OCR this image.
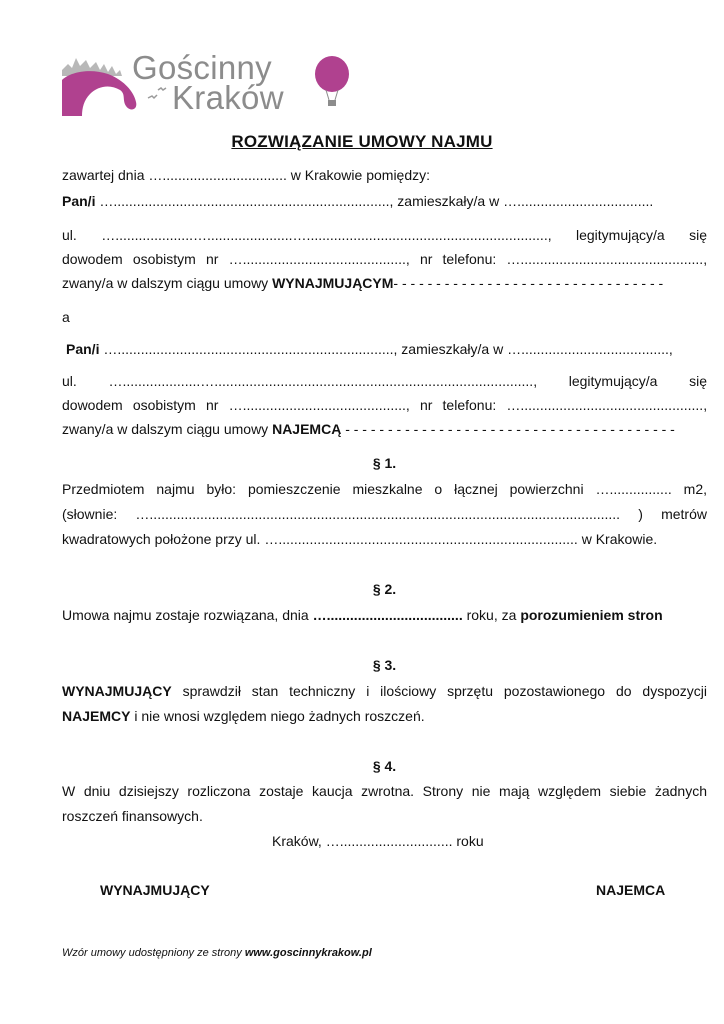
Gościnny
Kraków
ROZWIĄZANIE UMOWY NAJMU
zawartej dnia …................................ w Krakowie pomiędzy:
Pan/i …......................................................................., zamieszkały/a w …...................................
ul. …....................…......................….............................................................., legitymujący/a się
dowodem osobistym nr ….........................................., nr telefonu: …...............................................,
zwany/a w dalszym ciągu umowy WYNAJMUJĄCYM- - - - - - - - - - - - - - - - - - - - - - - - - - - - - - - -
a
Pan/i …......................................................................., zamieszkały/a w …......................................,
ul. …....................….................................................................................., legitymujący/a się
dowodem osobistym nr ….........................................., nr telefonu: …...............................................,
zwany/a w dalszym ciągu umowy NAJEMCĄ - - - - - - - - - - - - - - - - - - - - - - - - - - - - - - - - - - - - - - -
§ 1.
Przedmiotem najmu było: pomieszczenie mieszkalne o łącznej powierzchni …................ m2,
(słownie: …......................................................................................................................... ) metrów
kwadratowych położone przy ul. …............................................................................. w Krakowie.
§ 2.
Umowa najmu zostaje rozwiązana, dnia …................................... roku, za porozumieniem stron
§ 3.
WYNAJMUJĄCY sprawdził stan techniczny i ilościowy sprzętu pozostawionego do dyspozycji
NAJEMCY i nie wnosi względem niego żadnych roszczeń.
§ 4.
W dniu dzisiejszy rozliczona zostaje kaucja zwrotna. Strony nie mają względem siebie żadnych
roszczeń finansowych.
Kraków, …............................. roku
WYNAJMUJĄCY	NAJEMCA
Wzór umowy udostępniony ze strony www.goscinnykrakow.pl
